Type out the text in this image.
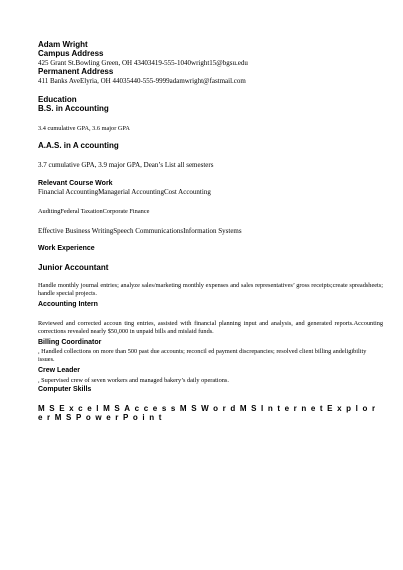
Adam Wright
Campus Address
425 Grant St.Bowling Green, OH 43403419-555-1040wright15@bgsu.edu
Permanent Address
411 Banks AveElyria, OH 44035440-555-9999adamwright@fastmail.com
Education
B.S. in Accounting
3.4 cumulative GPA, 3.6 major GPA
A.A.S. in A ccounting
3.7 cumulative GPA, 3.9 major GPA, Dean’s List all semesters
Relevant Course Work
Financial AccountingManagerial AccountingCost Accounting
AuditingFederal TaxationCorporate Finance
Effective Business WritingSpeech CommunicationsInformation Systems
Work Experience
Junior Accountant
Handle monthly journal entries; analyze sales/marketing monthly expenses and sales representatives’ gross receipts;create spreadsheets; handle special projects.
Accounting Intern
Reviewed and corrected accoun ting entries, assisted with financial planning input and analysis, and generated reports.Accounting corrections revealed nearly $50,000 in unpaid bills and mislaid funds.
Billing Coordinator
, Handled collections on more than 500 past due accounts; reconcil ed payment discrepancies; resolved client billing andeligibility issues.
Crew Leader
, Supervised crew of seven workers and managed bakery’s daily operations.
Computer Skills
MSExcelMSAccessMSWordMSInternetExplor
erMSPowerPoint
